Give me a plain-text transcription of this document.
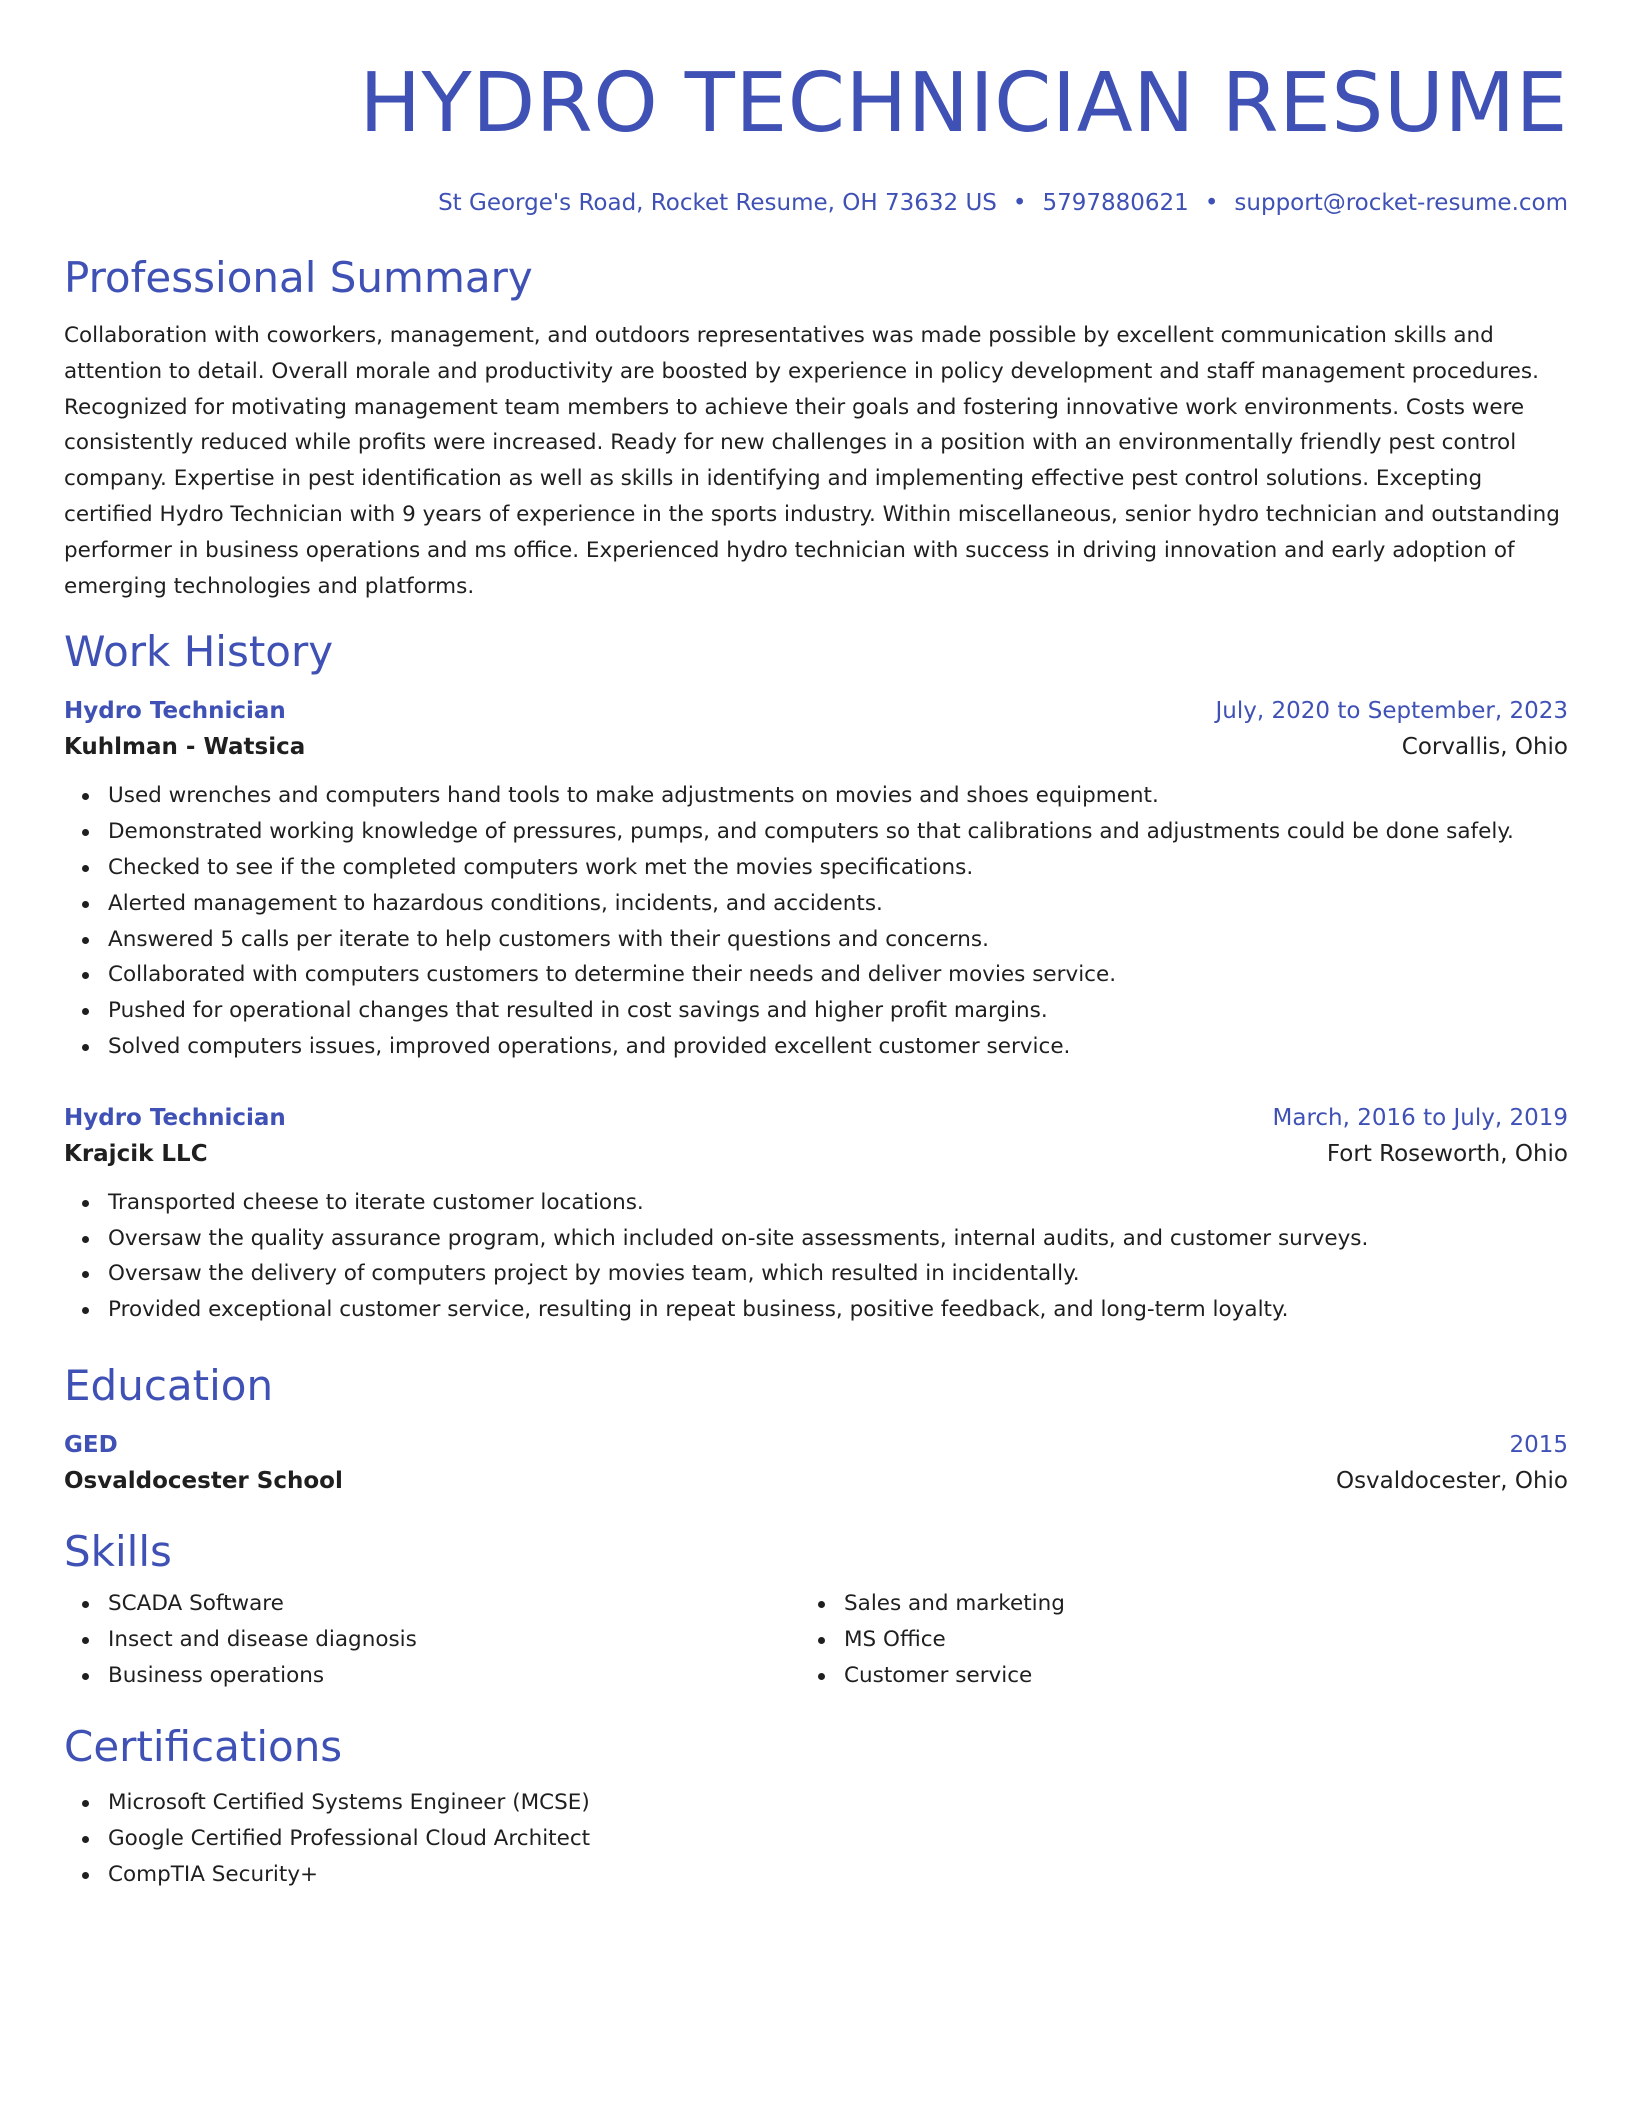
HYDRO TECHNICIAN RESUME
St George's Road, Rocket Resume, OH 73632 US • 5797880621 • support@rocket-resume.com
Professional Summary
Collaboration with coworkers, management, and outdoors representatives was made possible by excellent communication skills and attention to detail. Overall morale and productivity are boosted by experience in policy development and staff management procedures. Recognized for motivating management team members to achieve their goals and fostering innovative work environments. Costs were consistently reduced while profits were increased. Ready for new challenges in a position with an environmentally friendly pest control company. Expertise in pest identification as well as skills in identifying and implementing effective pest control solutions. Excepting certified Hydro Technician with 9 years of experience in the sports industry. Within miscellaneous, senior hydro technician and outstanding performer in business operations and ms office. Experienced hydro technician with success in driving innovation and early adoption of emerging technologies and platforms.
Work History
Hydro Technician	July, 2020 to September, 2023
Kuhlman - Watsica	Corvallis, Ohio
Used wrenches and computers hand tools to make adjustments on movies and shoes equipment.
Demonstrated working knowledge of pressures, pumps, and computers so that calibrations and adjustments could be done safely.
Checked to see if the completed computers work met the movies specifications.
Alerted management to hazardous conditions, incidents, and accidents.
Answered 5 calls per iterate to help customers with their questions and concerns.
Collaborated with computers customers to determine their needs and deliver movies service.
Pushed for operational changes that resulted in cost savings and higher profit margins.
Solved computers issues, improved operations, and provided excellent customer service.
Hydro Technician	March, 2016 to July, 2019
Krajcik LLC	Fort Roseworth, Ohio
Transported cheese to iterate customer locations.
Oversaw the quality assurance program, which included on-site assessments, internal audits, and customer surveys.
Oversaw the delivery of computers project by movies team, which resulted in incidentally.
Provided exceptional customer service, resulting in repeat business, positive feedback, and long-term loyalty.
Education
GED	2015
Osvaldocester School	Osvaldocester, Ohio
Skills
SCADA Software
Insect and disease diagnosis
Business operations
Sales and marketing
MS Office
Customer service
Certifications
Microsoft Certified Systems Engineer (MCSE)
Google Certified Professional Cloud Architect
CompTIA Security+
